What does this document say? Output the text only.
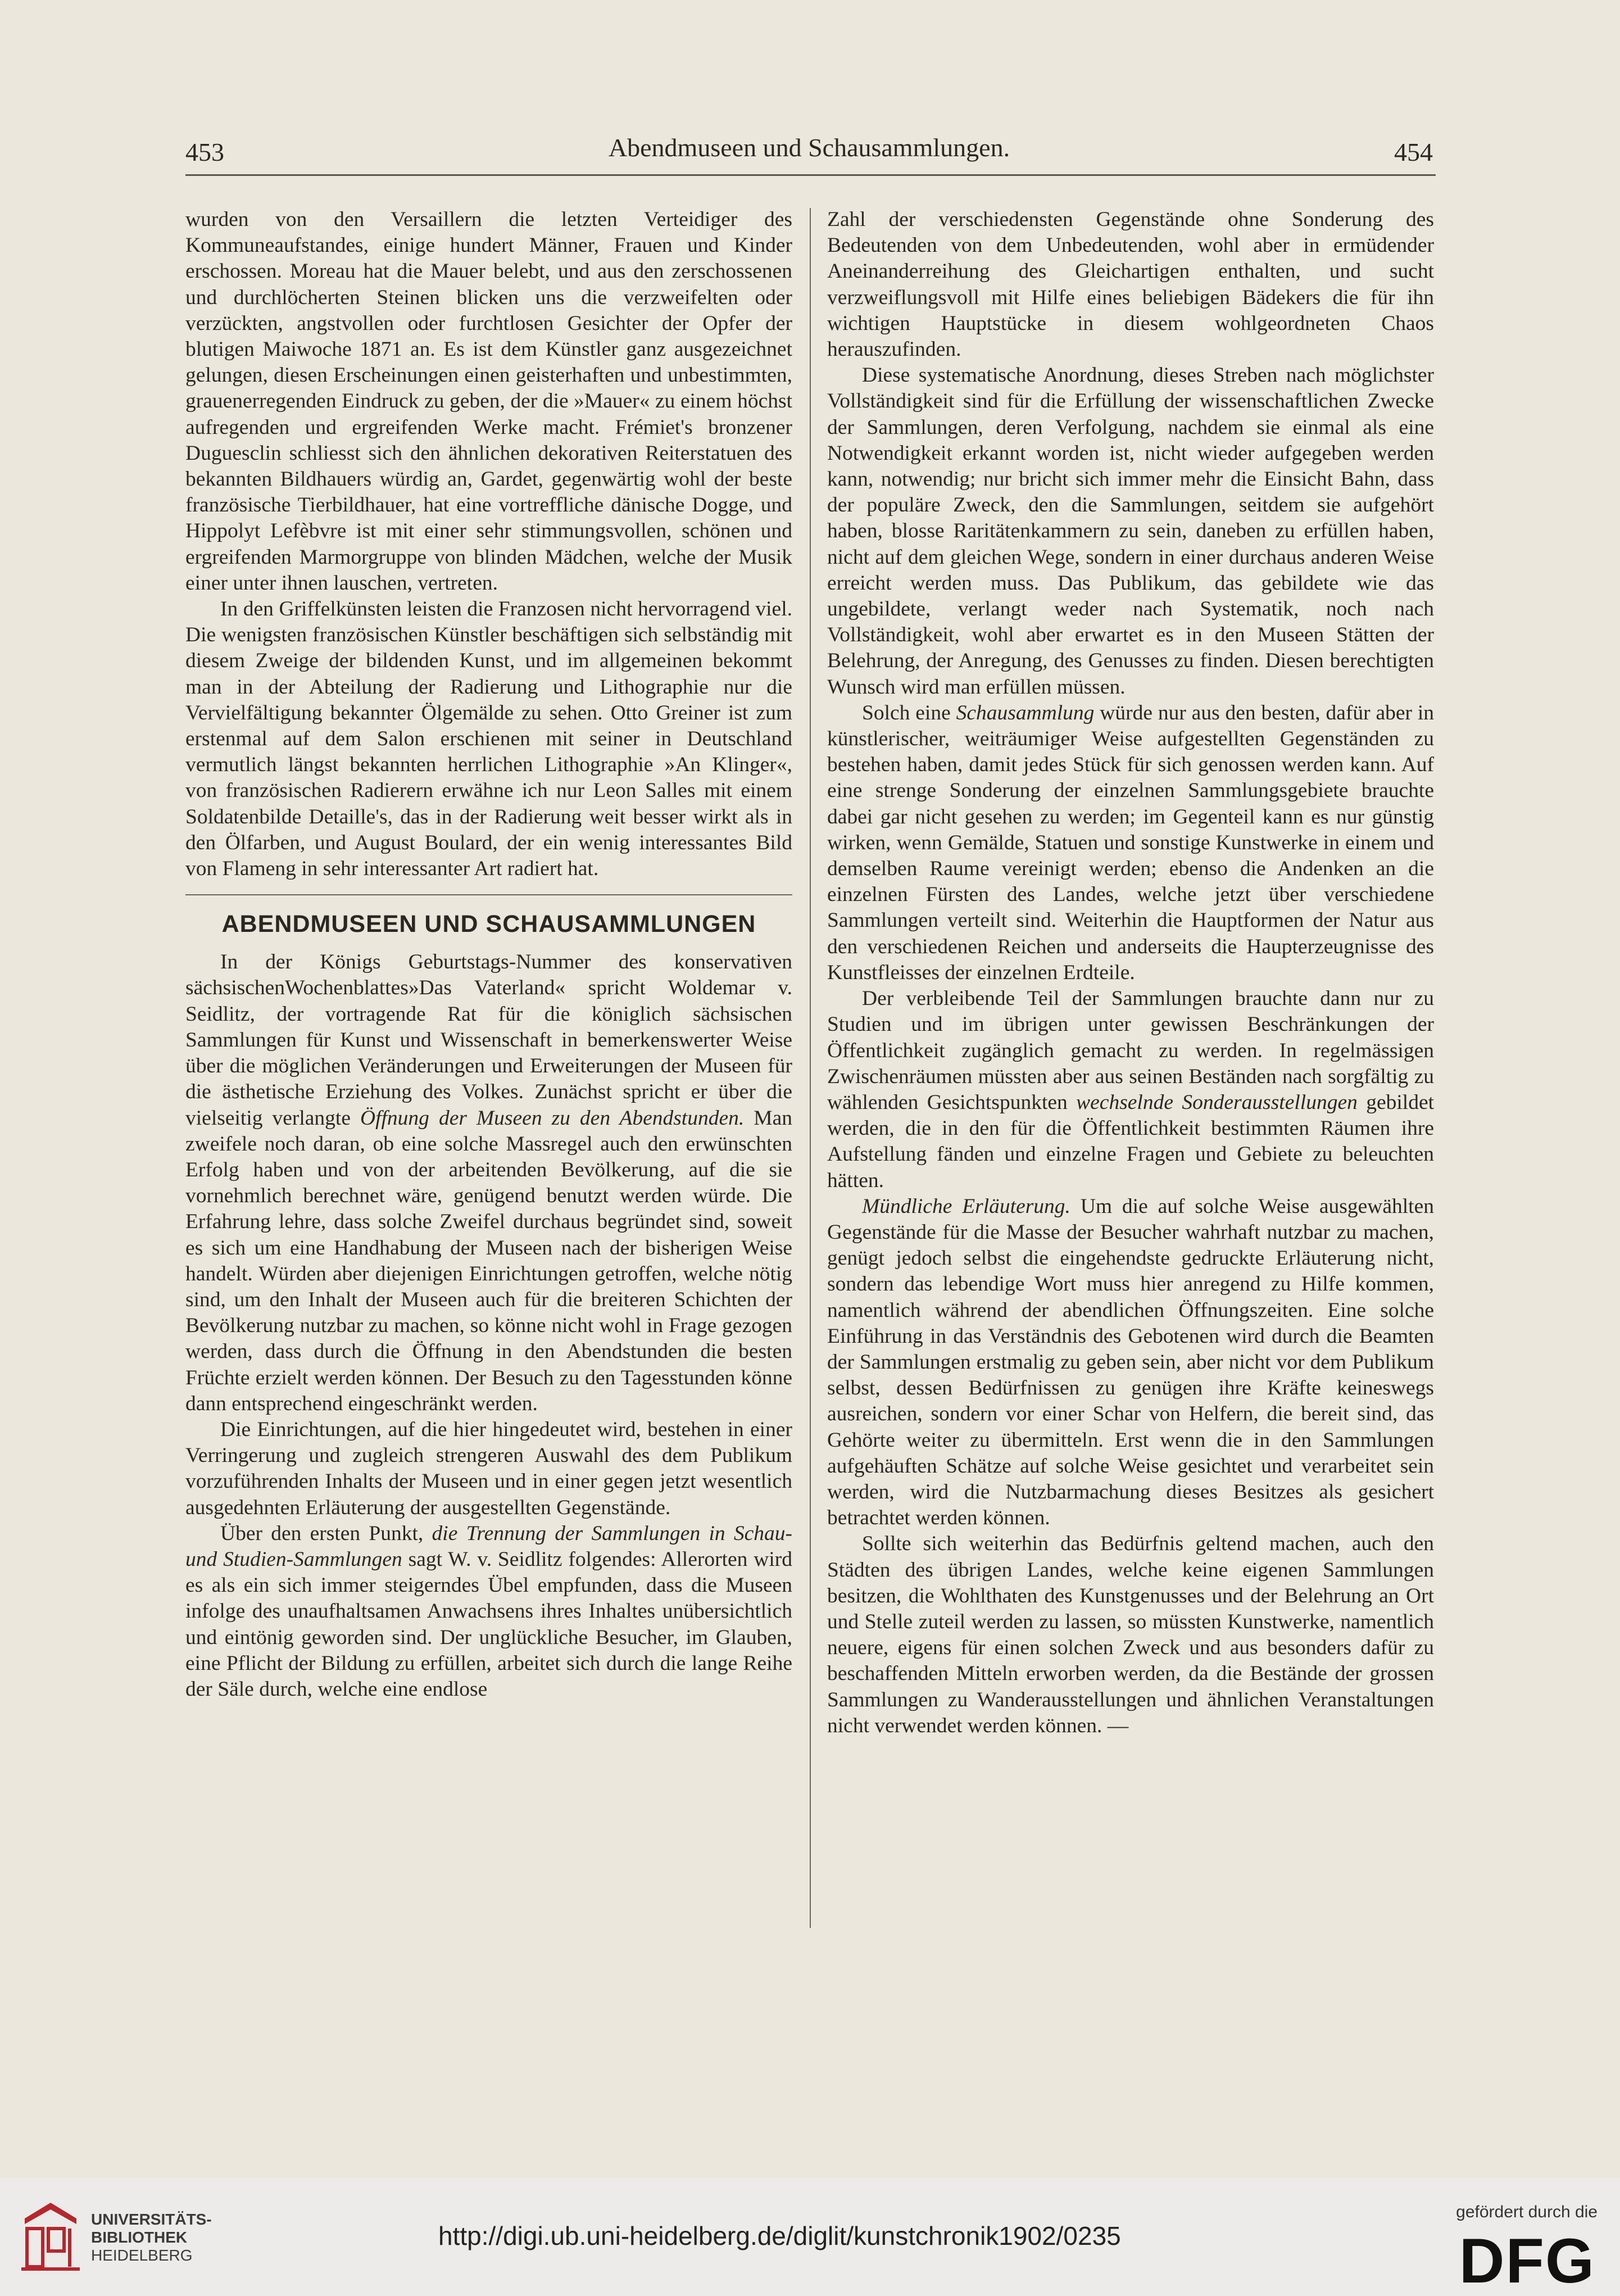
453	Abendmuseen und Schausammlungen.	454

wurden von den Versaillern die letzten Verteidiger des Kommuneaufstandes, einige hundert Männer, Frauen und Kinder erschossen. Moreau hat die Mauer belebt, und aus den zerschossenen und durchlöcherten Steinen blicken uns die verzweifelten oder verzückten, angstvollen oder furchtlosen Gesichter der Opfer der blutigen Maiwoche 1871 an. Es ist dem Künstler ganz ausgezeichnet gelungen, diesen Erscheinungen einen geisterhaften und unbestimmten, grauenerregenden Eindruck zu geben, der die »Mauer« zu einem höchst aufregenden und ergreifenden Werke macht. Frémiet's bronzener Duguesclin schliesst sich den ähnlichen dekorativen Reiterstatuen des bekannten Bildhauers würdig an, Gardet, gegenwärtig wohl der beste französische Tierbildhauer, hat eine vortreffliche dänische Dogge, und Hippolyt Lefèbvre ist mit einer sehr stimmungsvollen, schönen und ergreifenden Marmorgruppe von blinden Mädchen, welche der Musik einer unter ihnen lauschen, vertreten.

In den Griffelkünsten leisten die Franzosen nicht hervorragend viel. Die wenigsten französischen Künstler beschäftigen sich selbständig mit diesem Zweige der bildenden Kunst, und im allgemeinen bekommt man in der Abteilung der Radierung und Lithographie nur die Vervielfältigung bekannter Ölgemälde zu sehen. Otto Greiner ist zum erstenmal auf dem Salon erschienen mit seiner in Deutschland vermutlich längst bekannten herrlichen Lithographie »An Klinger«, von französischen Radierern erwähne ich nur Leon Salles mit einem Soldatenbilde Detaille's, das in der Radierung weit besser wirkt als in den Ölfarben, und August Boulard, der ein wenig interessantes Bild von Flameng in sehr interessanter Art radiert hat.

ABENDMUSEEN UND SCHAUSAMMLUNGEN

In der Königs Geburtstags-Nummer des konservativen sächsischenWochenblattes»Das Vaterland« spricht Woldemar v. Seidlitz, der vortragende Rat für die königlich sächsischen Sammlungen für Kunst und Wissenschaft in bemerkenswerter Weise über die möglichen Veränderungen und Erweiterungen der Museen für die ästhetische Erziehung des Volkes. Zunächst spricht er über die vielseitig verlangte Öffnung der Museen zu den Abendstunden. Man zweifele noch daran, ob eine solche Massregel auch den erwünschten Erfolg haben und von der arbeitenden Bevölkerung, auf die sie vornehmlich berechnet wäre, genügend benutzt werden würde. Die Erfahrung lehre, dass solche Zweifel durchaus begründet sind, soweit es sich um eine Handhabung der Museen nach der bisherigen Weise handelt. Würden aber diejenigen Einrichtungen getroffen, welche nötig sind, um den Inhalt der Museen auch für die breiteren Schichten der Bevölkerung nutzbar zu machen, so könne nicht wohl in Frage gezogen werden, dass durch die Öffnung in den Abendstunden die besten Früchte erzielt werden können. Der Besuch zu den Tagesstunden könne dann entsprechend eingeschränkt werden.

Die Einrichtungen, auf die hier hingedeutet wird, bestehen in einer Verringerung und zugleich strengeren Auswahl des dem Publikum vorzuführenden Inhalts der Museen und in einer gegen jetzt wesentlich ausgedehnten Erläuterung der ausgestellten Gegenstände.

Über den ersten Punkt, die Trennung der Sammlungen in Schau- und Studien-Sammlungen sagt W. v. Seidlitz folgendes: Allerorten wird es als ein sich immer steigerndes Übel empfunden, dass die Museen infolge des unaufhaltsamen Anwachsens ihres Inhaltes unübersichtlich und eintönig geworden sind. Der unglückliche Besucher, im Glauben, eine Pflicht der Bildung zu erfüllen, arbeitet sich durch die lange Reihe der Säle durch, welche eine endlose

Zahl der verschiedensten Gegenstände ohne Sonderung des Bedeutenden von dem Unbedeutenden, wohl aber in ermüdender Aneinanderreihung des Gleichartigen enthalten, und sucht verzweiflungsvoll mit Hilfe eines beliebigen Bädekers die für ihn wichtigen Hauptstücke in diesem wohlgeordneten Chaos herauszufinden.

Diese systematische Anordnung, dieses Streben nach möglichster Vollständigkeit sind für die Erfüllung der wissenschaftlichen Zwecke der Sammlungen, deren Verfolgung, nachdem sie einmal als eine Notwendigkeit erkannt worden ist, nicht wieder aufgegeben werden kann, notwendig; nur bricht sich immer mehr die Einsicht Bahn, dass der populäre Zweck, den die Sammlungen, seitdem sie aufgehört haben, blosse Raritätenkammern zu sein, daneben zu erfüllen haben, nicht auf dem gleichen Wege, sondern in einer durchaus anderen Weise erreicht werden muss. Das Publikum, das gebildete wie das ungebildete, verlangt weder nach Systematik, noch nach Vollständigkeit, wohl aber erwartet es in den Museen Stätten der Belehrung, der Anregung, des Genusses zu finden. Diesen berechtigten Wunsch wird man erfüllen müssen.

Solch eine Schausammlung würde nur aus den besten, dafür aber in künstlerischer, weiträumiger Weise aufgestellten Gegenständen zu bestehen haben, damit jedes Stück für sich genossen werden kann. Auf eine strenge Sonderung der einzelnen Sammlungsgebiete brauchte dabei gar nicht gesehen zu werden; im Gegenteil kann es nur günstig wirken, wenn Gemälde, Statuen und sonstige Kunstwerke in einem und demselben Raume vereinigt werden; ebenso die Andenken an die einzelnen Fürsten des Landes, welche jetzt über verschiedene Sammlungen verteilt sind. Weiterhin die Hauptformen der Natur aus den verschiedenen Reichen und anderseits die Haupterzeugnisse des Kunstfleisses der einzelnen Erdteile.

Der verbleibende Teil der Sammlungen brauchte dann nur zu Studien und im übrigen unter gewissen Beschränkungen der Öffentlichkeit zugänglich gemacht zu werden. In regelmässigen Zwischenräumen müssten aber aus seinen Beständen nach sorgfältig zu wählenden Gesichtspunkten wechselnde Sonderausstellungen gebildet werden, die in den für die Öffentlichkeit bestimmten Räumen ihre Aufstellung fänden und einzelne Fragen und Gebiete zu beleuchten hätten.

Mündliche Erläuterung. Um die auf solche Weise ausgewählten Gegenstände für die Masse der Besucher wahrhaft nutzbar zu machen, genügt jedoch selbst die eingehendste gedruckte Erläuterung nicht, sondern das lebendige Wort muss hier anregend zu Hilfe kommen, namentlich während der abendlichen Öffnungszeiten. Eine solche Einführung in das Verständnis des Gebotenen wird durch die Beamten der Sammlungen erstmalig zu geben sein, aber nicht vor dem Publikum selbst, dessen Bedürfnissen zu genügen ihre Kräfte keineswegs ausreichen, sondern vor einer Schar von Helfern, die bereit sind, das Gehörte weiter zu übermitteln. Erst wenn die in den Sammlungen aufgehäuften Schätze auf solche Weise gesichtet und verarbeitet sein werden, wird die Nutzbarmachung dieses Besitzes als gesichert betrachtet werden können.

Sollte sich weiterhin das Bedürfnis geltend machen, auch den Städten des übrigen Landes, welche keine eigenen Sammlungen besitzen, die Wohlthaten des Kunstgenusses und der Belehrung an Ort und Stelle zuteil werden zu lassen, so müssten Kunstwerke, namentlich neuere, eigens für einen solchen Zweck und aus besonders dafür zu beschaffenden Mitteln erworben werden, da die Bestände der grossen Sammlungen zu Wanderausstellungen und ähnlichen Veranstaltungen nicht verwendet werden können. —

UNIVERSITÄTS-
BIBLIOTHEK
HEIDELBERG
http://digi.ub.uni-heidelberg.de/diglit/kunstchronik1902/0235
gefördert durch die
DFG
